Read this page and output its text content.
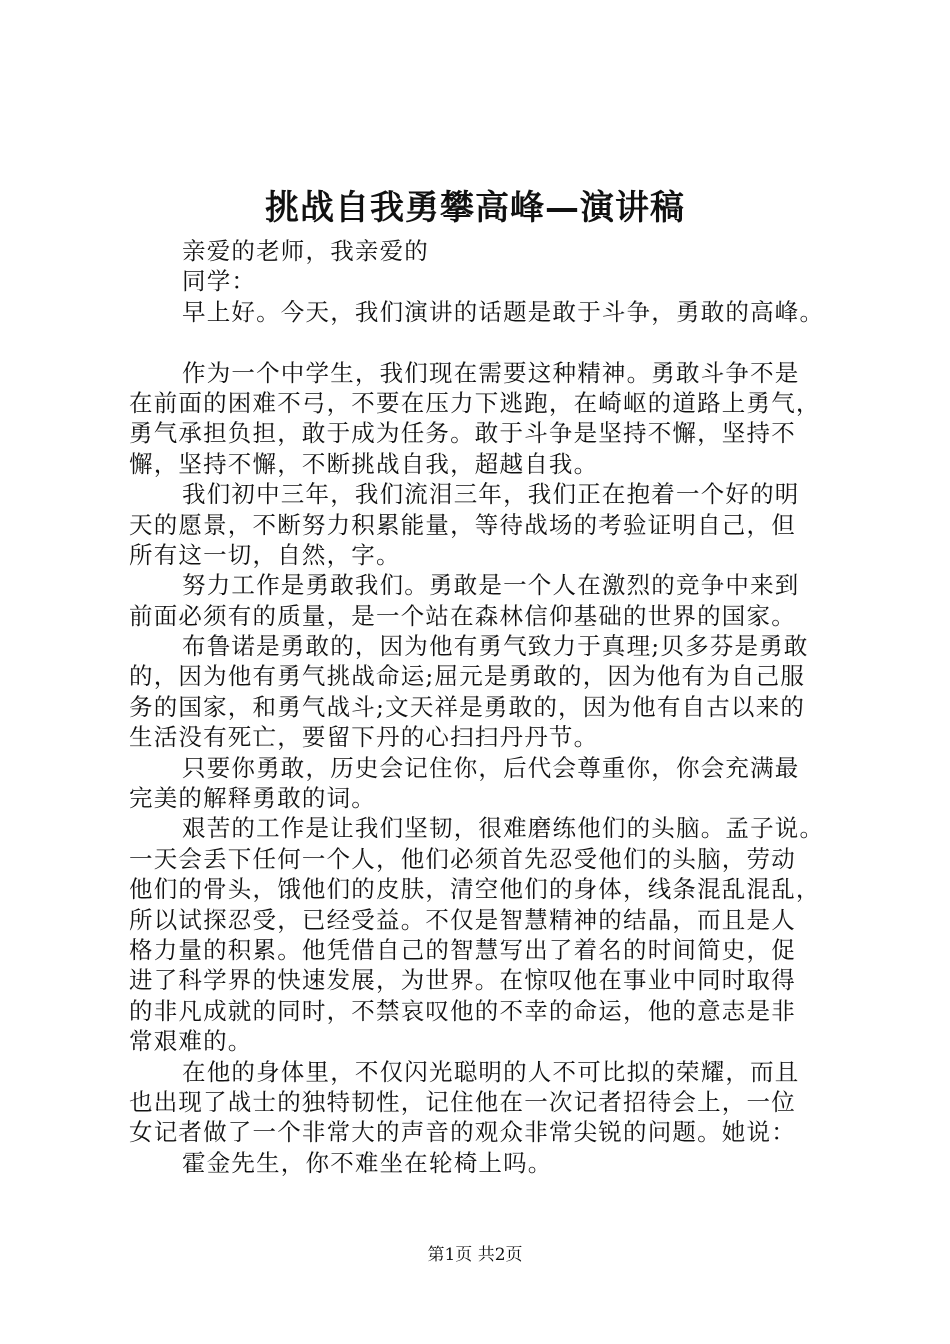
挑战自我勇攀高峰—演讲稿
亲爱的老师，我亲爱的
同学：
早上好。今天，我们演讲的话题是敢于斗争，勇敢的高峰。
作为一个中学生，我们现在需要这种精神。勇敢斗争不是
在前面的困难不弓，不要在压力下逃跑，在崎岖的道路上勇气，
勇气承担负担，敢于成为任务。敢于斗争是坚持不懈，坚持不
懈，坚持不懈，不断挑战自我，超越自我。
我们初中三年，我们流泪三年，我们正在抱着一个好的明
天的愿景，不断努力积累能量，等待战场的考验证明自己，但
所有这一切，自然，字。
努力工作是勇敢我们。勇敢是一个人在激烈的竞争中来到
前面必须有的质量，是一个站在森林信仰基础的世界的国家。
布鲁诺是勇敢的，因为他有勇气致力于真理;贝多芬是勇敢
的，因为他有勇气挑战命运;屈元是勇敢的，因为他有为自己服
务的国家，和勇气战斗;文天祥是勇敢的，因为他有自古以来的
生活没有死亡，要留下丹的心扫扫丹丹节。
只要你勇敢，历史会记住你，后代会尊重你，你会充满最
完美的解释勇敢的词。
艰苦的工作是让我们坚韧，很难磨练他们的头脑。孟子说。
一天会丢下任何一个人，他们必须首先忍受他们的头脑，劳动
他们的骨头，饿他们的皮肤，清空他们的身体，线条混乱混乱，
所以试探忍受，已经受益。不仅是智慧精神的结晶，而且是人
格力量的积累。他凭借自己的智慧写出了着名的时间简史，促
进了科学界的快速发展，为世界。在惊叹他在事业中同时取得
的非凡成就的同时，不禁哀叹他的不幸的命运，他的意志是非
常艰难的。
在他的身体里，不仅闪光聪明的人不可比拟的荣耀，而且
也出现了战士的独特韧性，记住他在一次记者招待会上，一位
女记者做了一个非常大的声音的观众非常尖锐的问题。她说：
霍金先生，你不难坐在轮椅上吗。
第1页 共2页
